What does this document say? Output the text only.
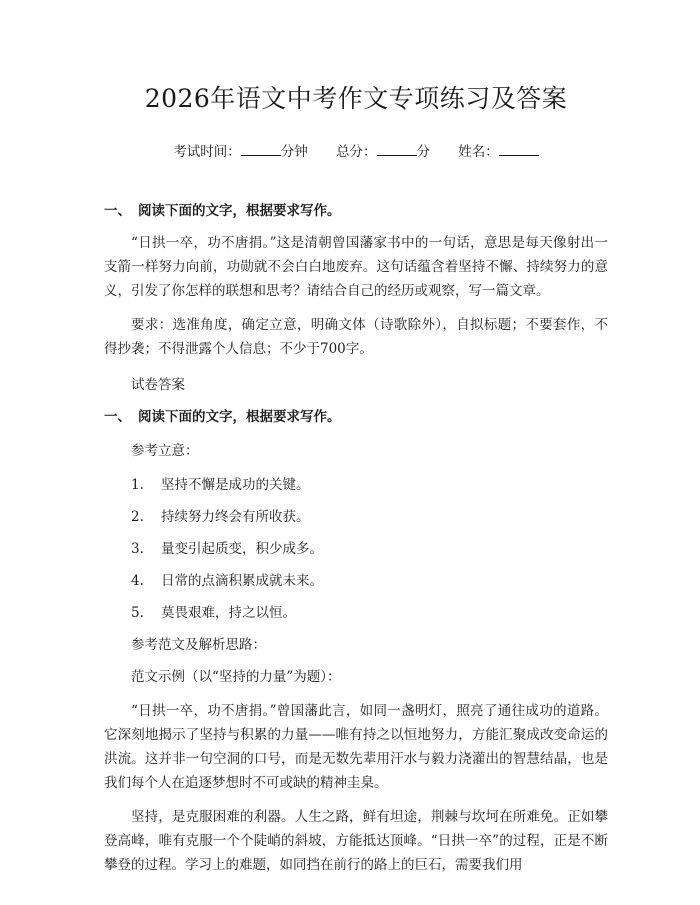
2026年语文中考作文专项练习及答案
考试时间：	分钟 总分：	分 姓名：
一、 阅读下面的文字，根据要求写作。

“日拱一卒，功不唐捐。”这是清朝曾国藩家书中的一句话，意思是每天像射出一支箭一样努力向前，功勋就不会白白地废弃。这句话蕴含着坚持不懈、持续努力的意义，引发了你怎样的联想和思考？请结合自己的经历或观察，写一篇文章。

要求：选准角度，确定立意，明确文体（诗歌除外），自拟标题；不要套作，不得抄袭；不得泄露个人信息；不少于700字。

试卷答案

一、 阅读下面的文字，根据要求写作。

参考立意：

1. 坚持不懈是成功的关键。
2. 持续努力终会有所收获。
3. 量变引起质变，积少成多。
4. 日常的点滴积累成就未来。
5. 莫畏艰难，持之以恒。

参考范文及解析思路：

范文示例（以“坚持的力量”为题）：

“日拱一卒，功不唐捐。”曾国藩此言，如同一盏明灯，照亮了通往成功的道路。它深刻地揭示了坚持与积累的力量——唯有持之以恒地努力，方能汇聚成改变命运的洪流。这并非一句空洞的口号，而是无数先辈用汗水与毅力浇灌出的智慧结晶，也是我们每个人在追逐梦想时不可或缺的精神圭臬。

坚持，是克服困难的利器。人生之路，鲜有坦途，荆棘与坎坷在所难免。正如攀登高峰，唯有克服一个个陡峭的斜坡，方能抵达顶峰。“日拱一卒”的过程，正是不断攀登的过程。学习上的难题，如同挡在前行的路上的巨石，需要我们用
